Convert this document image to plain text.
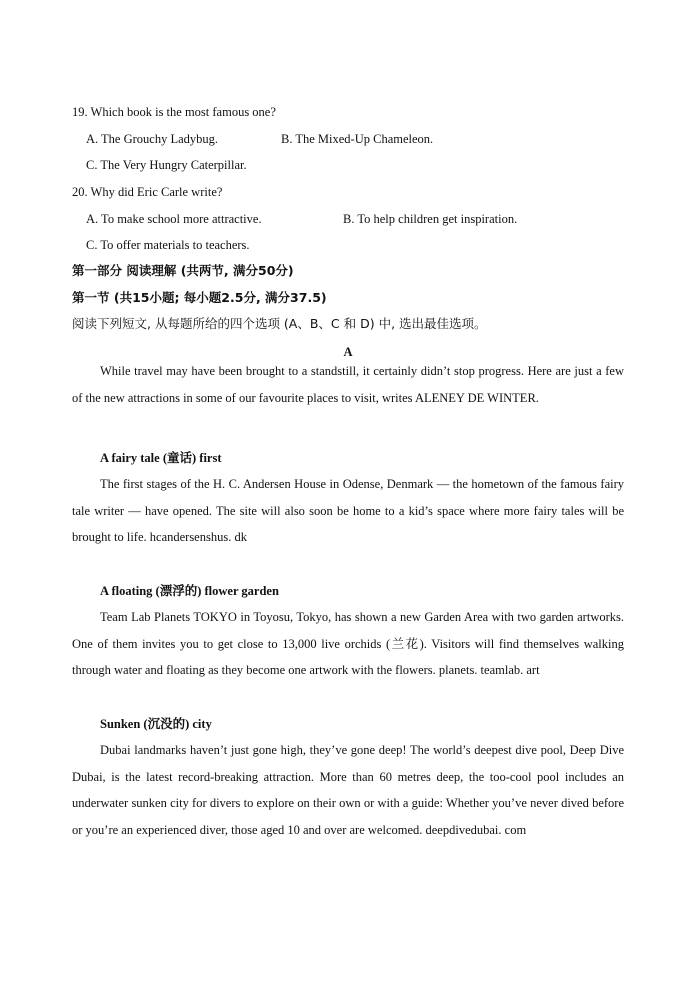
19. Which book is the most famous one?
A. The Grouchy Ladybug.	B. The Mixed-Up Chameleon.
C. The Very Hungry Caterpillar.
20. Why did Eric Carle write?
A. To make school more attractive.	B. To help children get inspiration.
C. To offer materials to teachers.
第一部分 阅读理解 (共两节, 满分50分)
第一节 (共15小题; 每小题2.5分, 满分37.5)
阅读下列短文, 从每题所给的四个选项 (A、B、C 和 D) 中, 选出最佳选项。
A

While travel may have been brought to a standstill, it certainly didn’t stop progress. Here are just a few of the new attractions in some of our favourite places to visit, writes ALENEY DE WINTER.

A fairy tale (童话) first

The first stages of the H. C. Andersen House in Odense, Denmark — the hometown of the famous fairy tale writer — have opened. The site will also soon be home to a kid’s space where more fairy tales will be brought to life. hcandersenshus. dk

A floating (漂浮的) flower garden

Team Lab Planets TOKYO in Toyosu, Tokyo, has shown a new Garden Area with two garden artworks. One of them invites you to get close to 13,000 live orchids (兰花). Visitors will find themselves walking through water and floating as they become one artwork with the flowers. planets. teamlab. art

Sunken (沉没的) city

Dubai landmarks haven’t just gone high, they’ve gone deep! The world’s deepest dive pool, Deep Dive Dubai, is the latest record-breaking attraction. More than 60 metres deep, the too-cool pool includes an underwater sunken city for divers to explore on their own or with a guide: Whether you’ve never dived before or you’re an experienced diver, those aged 10 and over are welcomed. deepdivedubai. com
